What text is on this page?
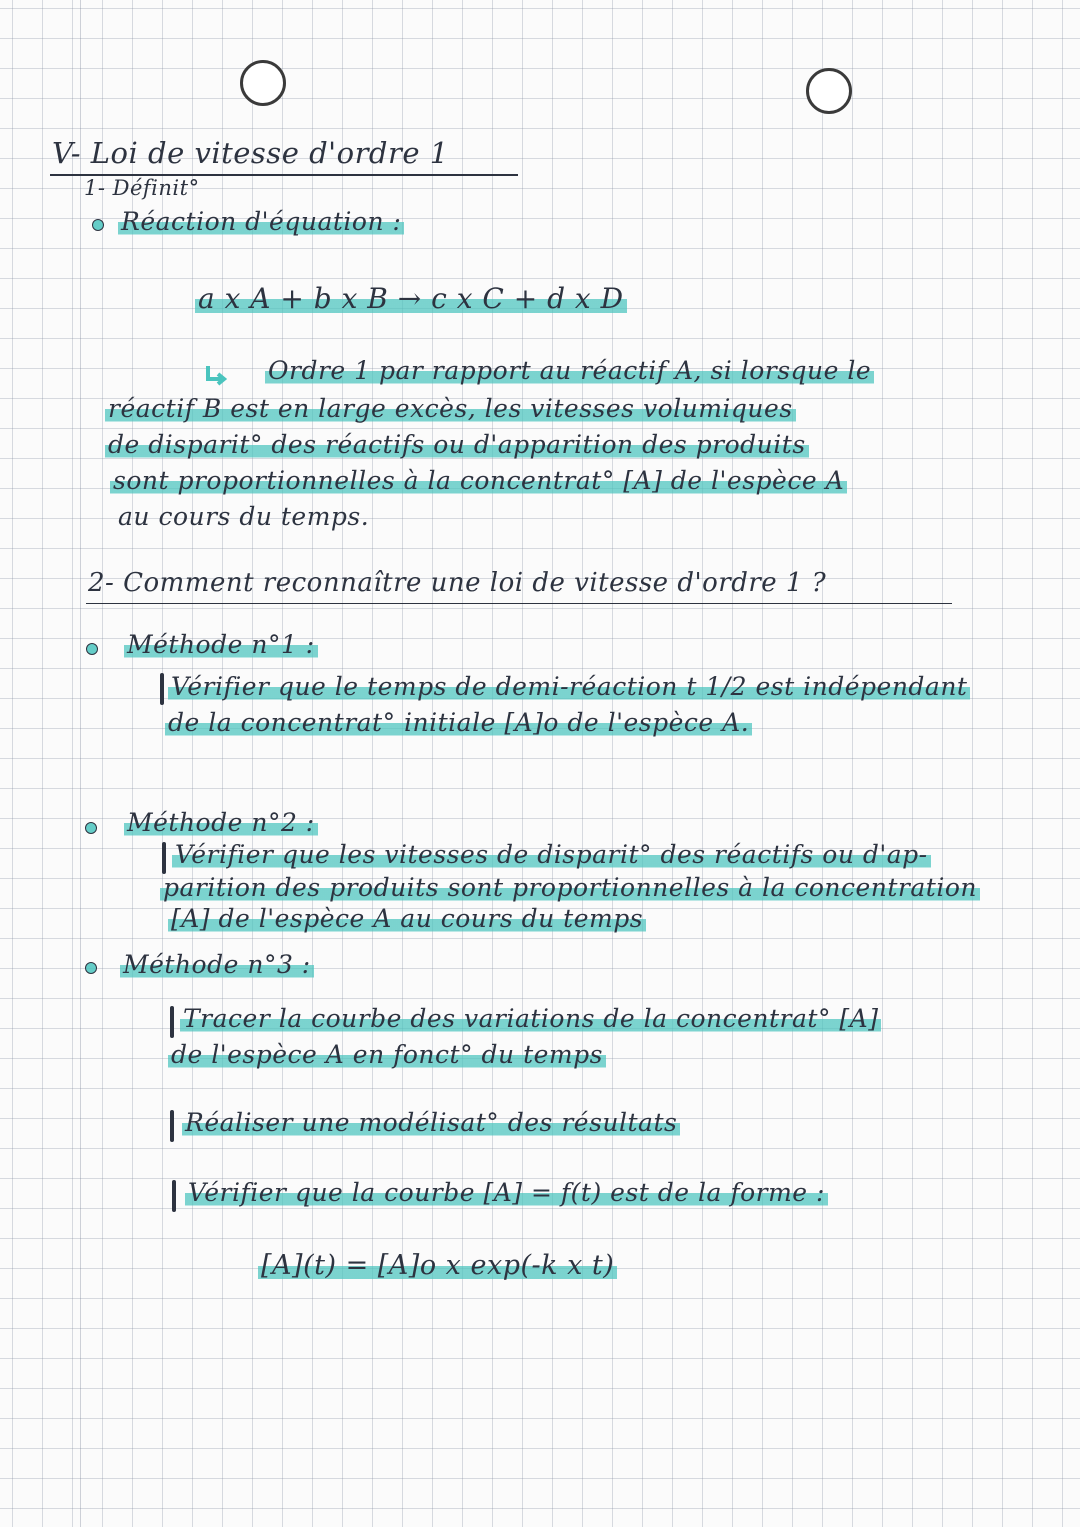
V- Loi de vitesse d'ordre 1
1- Définit°
Réaction d'équation :
a x A + b x B → c x C + d x D
Ordre 1 par rapport au réactif A, si lorsque le
réactif B est en large excès, les vitesses volumiques
de disparit° des réactifs ou d'apparition des produits
sont proportionnelles à la concentrat° [A] de l'espèce A
au cours du temps.
2- Comment reconnaître une loi de vitesse d'ordre 1 ?
Méthode n°1 :
Vérifier que le temps de demi-réaction t 1/2 est indépendant
de la concentrat° initiale [A]o de l'espèce A.
Méthode n°2 :
Vérifier que les vitesses de disparit° des réactifs ou d'ap-
parition des produits sont proportionnelles à la concentration
[A] de l'espèce A au cours du temps
Méthode n°3 :
Tracer la courbe des variations de la concentrat° [A]
de l'espèce A en fonct° du temps
Réaliser une modélisat° des résultats
Vérifier que la courbe [A] = f(t) est de la forme :
[A](t) = [A]o x exp(-k x t)
